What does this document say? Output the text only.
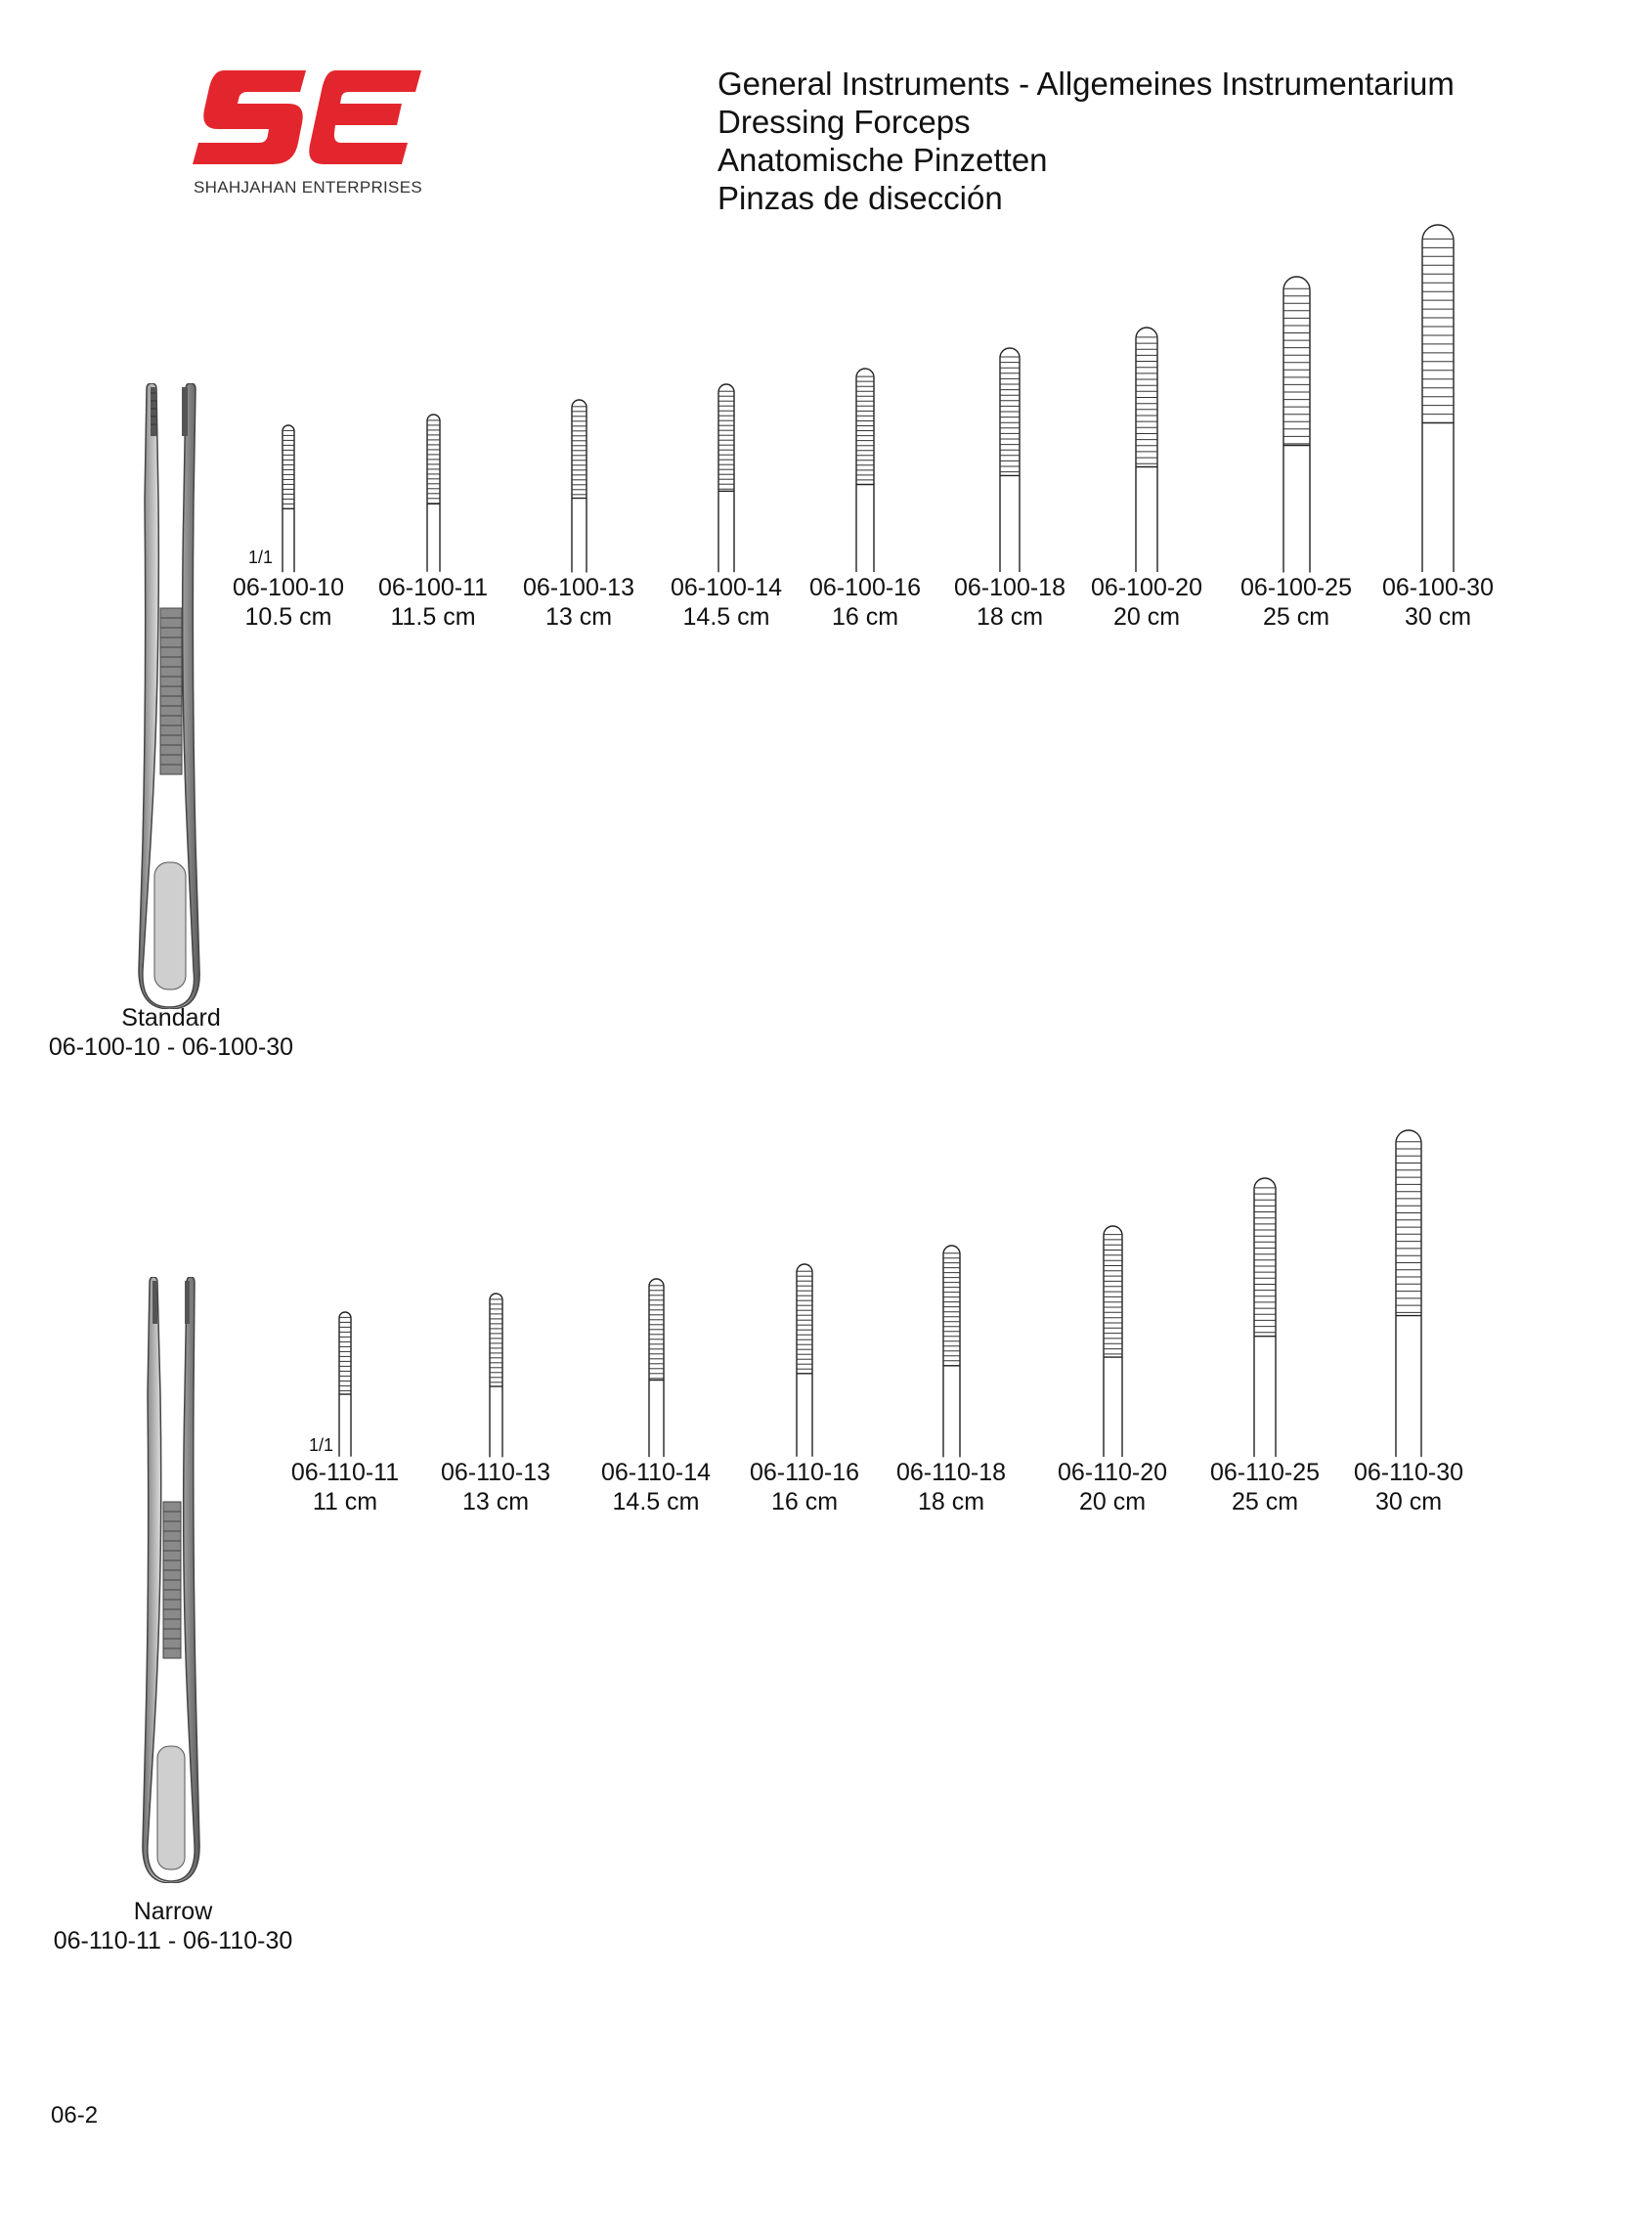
SHAHJAHAN ENTERPRISES
General Instruments - Allgemeines Instrumentarium
Dressing Forceps
Anatomische Pinzetten
Pinzas de disección
Standard
06-100-10 - 06-100-30
1/1
06-100-10
10.5 cm
06-100-11
11.5 cm
06-100-13
13 cm
06-100-14
14.5 cm
06-100-16
16 cm
06-100-18
18 cm
06-100-20
20 cm
06-100-25
25 cm
06-100-30
30 cm
Narrow
06-110-11 - 06-110-30
1/1
06-110-11
11 cm
06-110-13
13 cm
06-110-14
14.5 cm
06-110-16
16 cm
06-110-18
18 cm
06-110-20
20 cm
06-110-25
25 cm
06-110-30
30 cm
06-2
